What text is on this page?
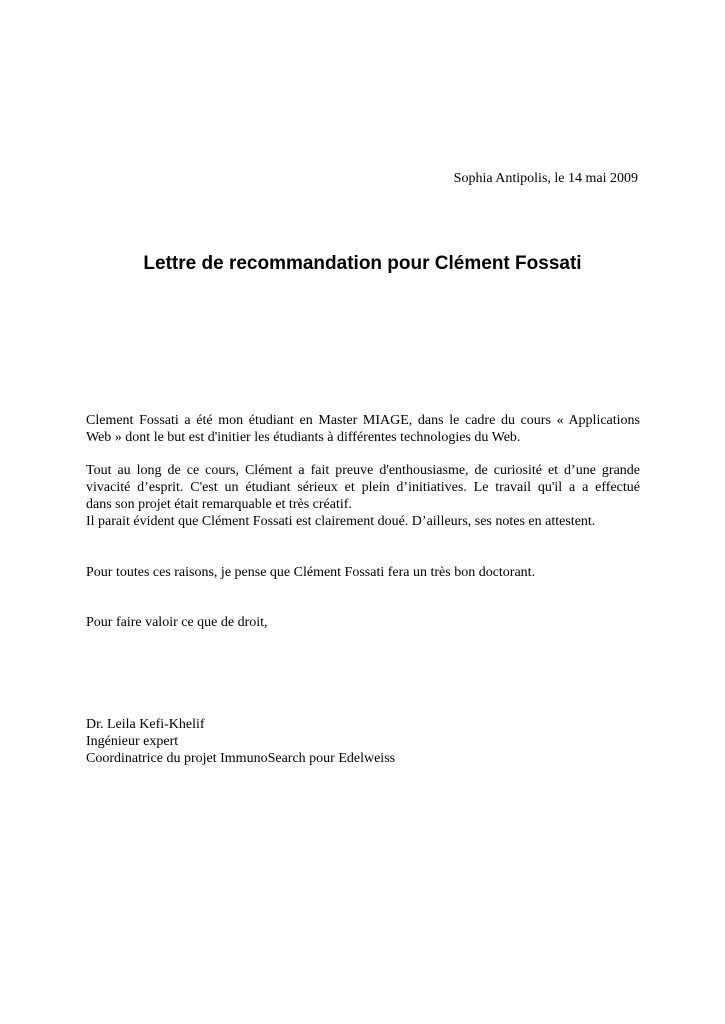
Sophia Antipolis, le 14 mai 2009
Lettre de recommandation pour Clément Fossati
Clement Fossati a été mon étudiant en Master MIAGE, dans le cadre du cours « Applications
Web » dont le but est d'initier les étudiants à différentes technologies du Web.
Tout au long de ce cours, Clément a fait preuve d'enthousiasme, de curiosité et d’une grande
vivacité d’esprit. C'est un étudiant sérieux et plein d’initiatives. Le travail qu'il a a effectué
dans son projet était remarquable et très créatif.
Il parait évident que Clément Fossati est clairement doué. D’ailleurs, ses notes en attestent.
Pour toutes ces raisons, je pense que Clément Fossati fera un très bon doctorant.
Pour faire valoir ce que de droit,
Dr. Leila Kefi-Khelif
Ingénieur expert
Coordinatrice du projet ImmunoSearch pour Edelweiss
